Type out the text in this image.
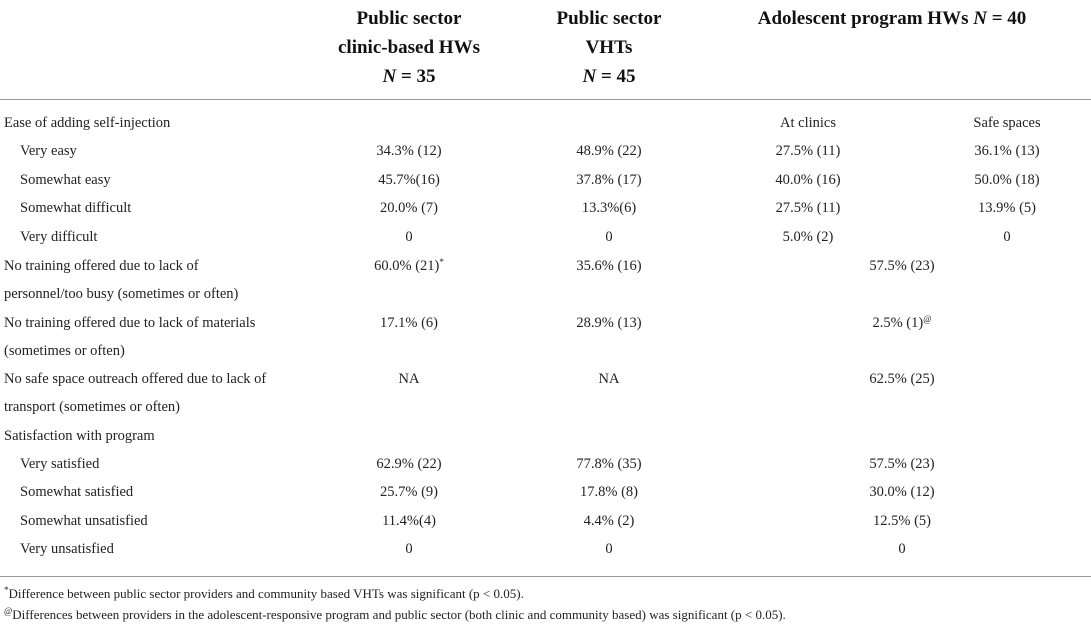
Public sector
clinic-based HWs
N = 35
Public sector
VHTs
N = 45
Adolescent program HWs N = 40
Ease of adding self-injection	At clinics	Safe spaces
Very easy	34.3% (12)	48.9% (22)	27.5% (11)	36.1% (13)
Somewhat easy	45.7%(16)	37.8% (17)	40.0% (16)	50.0% (18)
Somewhat difficult	20.0% (7)	13.3%(6)	27.5% (11)	13.9% (5)
Very difficult	0	0	5.0% (2)	0
No training offered due to lack of
personnel/too busy (sometimes or often)
60.0% (21)*	35.6% (16)	57.5% (23)
No training offered due to lack of materials
(sometimes or often)
17.1% (6)	28.9% (13)	2.5% (1)@
No safe space outreach offered due to lack of
transport (sometimes or often)
NA	NA	62.5% (25)
Satisfaction with program
Very satisfied	62.9% (22)	77.8% (35)	57.5% (23)
Somewhat satisfied	25.7% (9)	17.8% (8)	30.0% (12)
Somewhat unsatisfied	11.4%(4)	4.4% (2)	12.5% (5)
Very unsatisfied	0	0	0
*Difference between public sector providers and community based VHTs was significant (p < 0.05).
@Differences between providers in the adolescent-responsive program and public sector (both clinic and community based) was significant (p < 0.05).
